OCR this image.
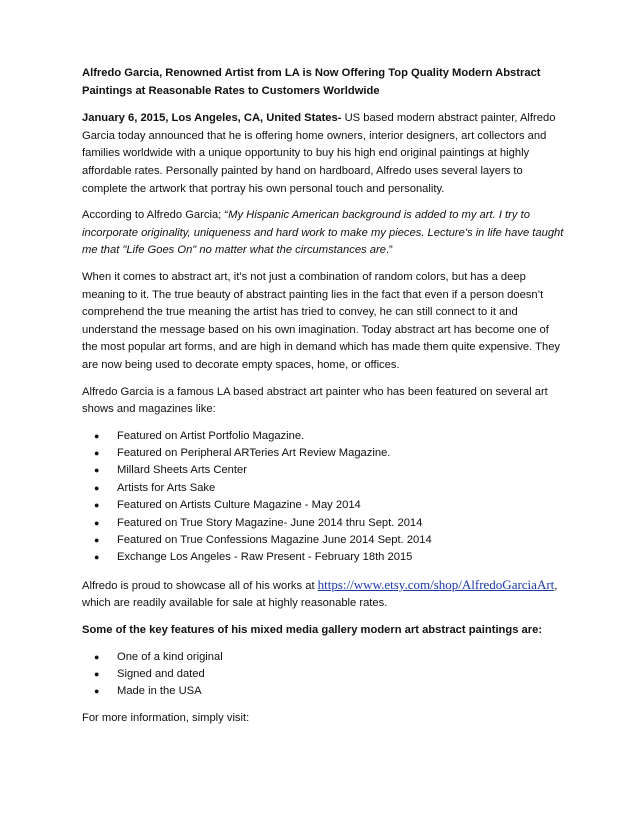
Alfredo Garcia, Renowned Artist from LA is Now Offering Top Quality Modern Abstract Paintings at Reasonable Rates to Customers Worldwide

January 6, 2015, Los Angeles, CA, United States- US based modern abstract painter, Alfredo Garcia today announced that he is offering home owners, interior designers, art collectors and families worldwide with a unique opportunity to buy his high end original paintings at highly affordable rates. Personally painted by hand on hardboard, Alfredo uses several layers to complete the artwork that portray his own personal touch and personality.

According to Alfredo Garcia; “My Hispanic American background is added to my art. I try to incorporate originality, uniqueness and hard work to make my pieces. Lecture's in life have taught me that "Life Goes On" no matter what the circumstances are.”

When it comes to abstract art, it’s not just a combination of random colors, but has a deep meaning to it. The true beauty of abstract painting lies in the fact that even if a person doesn’t comprehend the true meaning the artist has tried to convey, he can still connect to it and understand the message based on his own imagination. Today abstract art has become one of the most popular art forms, and are high in demand which has made them quite expensive. They are now being used to decorate empty spaces, home, or offices.

Alfredo Garcia is a famous LA based abstract art painter who has been featured on several art shows and magazines like:

● Featured on Artist Portfolio Magazine.
● Featured on Peripheral ARTeries Art Review Magazine.
● Millard Sheets Arts Center
● Artists for Arts Sake
● Featured on Artists Culture Magazine - May 2014
● Featured on True Story Magazine- June 2014 thru Sept. 2014
● Featured on True Confessions Magazine June 2014 Sept. 2014
● Exchange Los Angeles - Raw Present - February 18th 2015

Alfredo is proud to showcase all of his works at https://www.etsy.com/shop/AlfredoGarciaArt, which are readily available for sale at highly reasonable rates.

Some of the key features of his mixed media gallery modern art abstract paintings are:

● One of a kind original
● Signed and dated
● Made in the USA

For more information, simply visit:
